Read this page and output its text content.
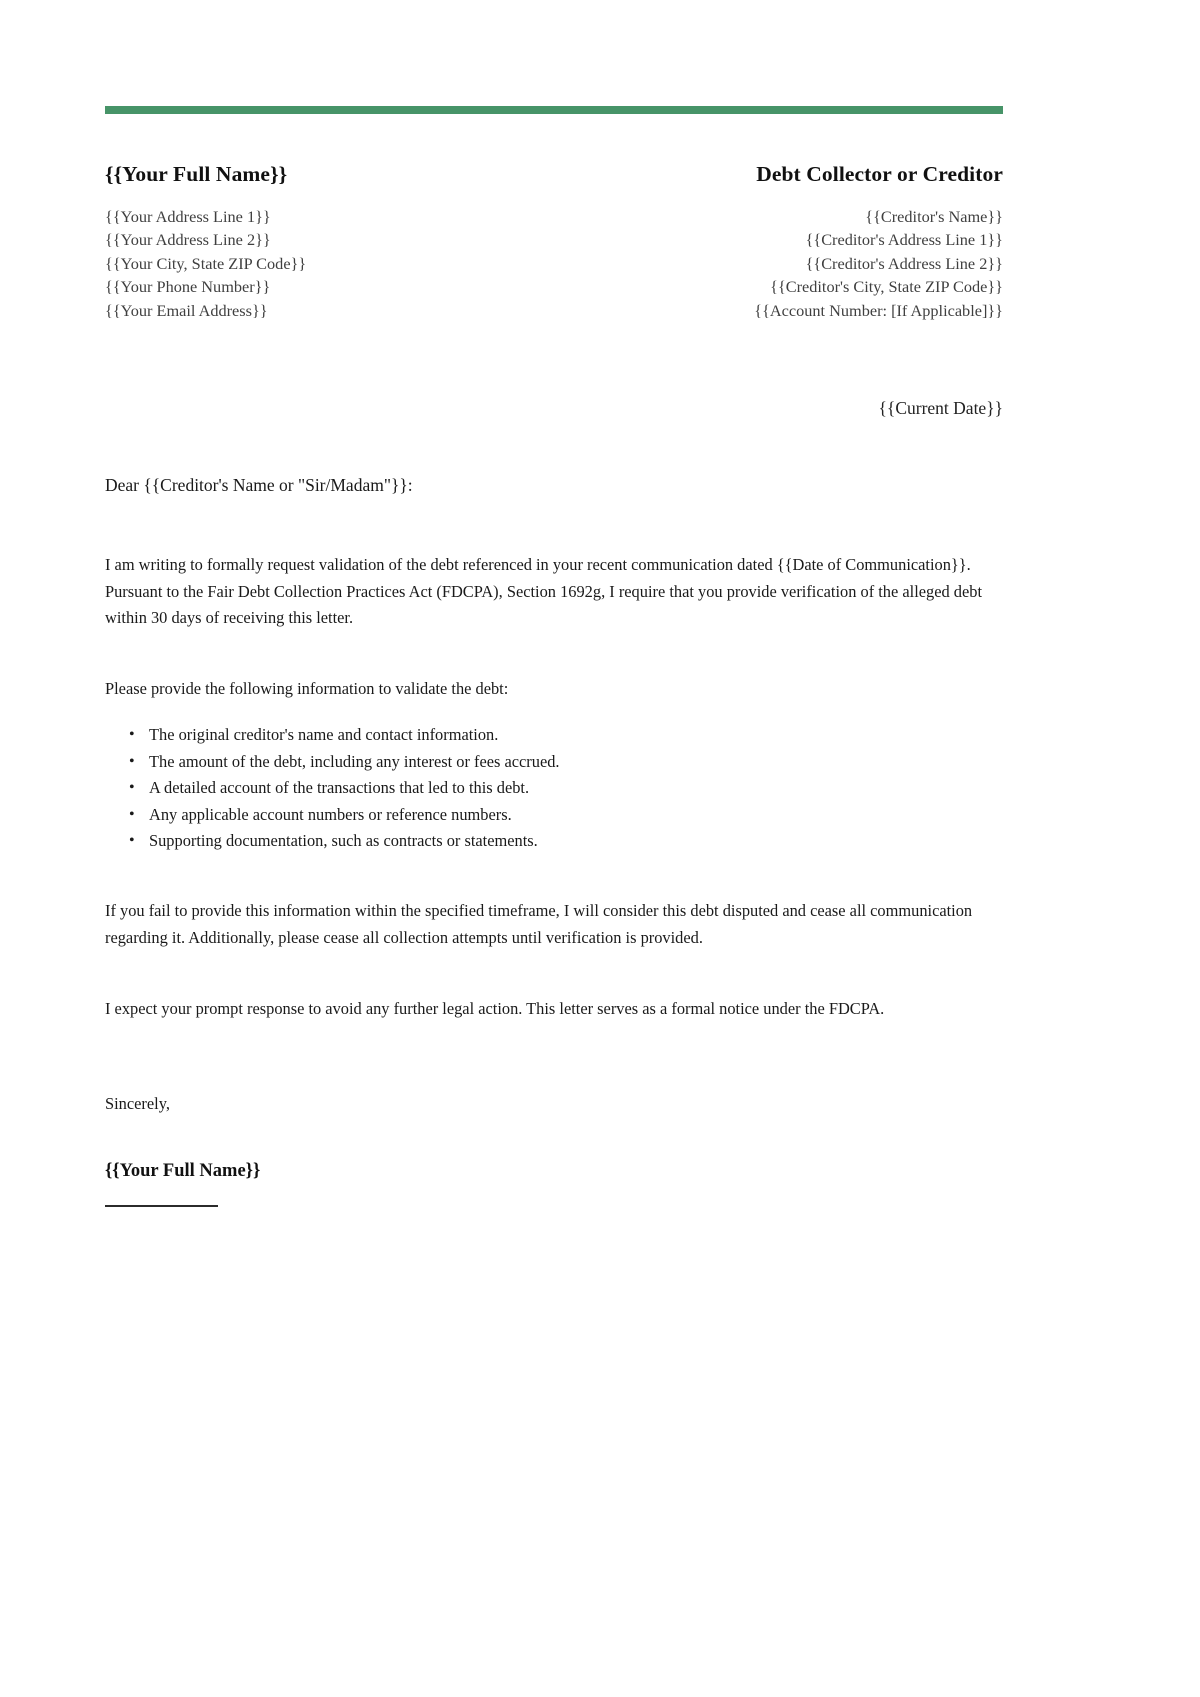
{{Your Full Name}}
{{Your Address Line 1}}
{{Your Address Line 2}}
{{Your City, State ZIP Code}}
{{Your Phone Number}}
{{Your Email Address}}
Debt Collector or Creditor
{{Creditor's Name}}
{{Creditor's Address Line 1}}
{{Creditor's Address Line 2}}
{{Creditor's City, State ZIP Code}}
{{Account Number: [If Applicable]}}
{{Current Date}}
Dear {{Creditor's Name or "Sir/Madam"}}:

I am writing to formally request validation of the debt referenced in your recent communication dated {{Date of Communication}}. Pursuant to the Fair Debt Collection Practices Act (FDCPA), Section 1692g, I require that you provide verification of the alleged debt within 30 days of receiving this letter.

Please provide the following information to validate the debt:

• The original creditor's name and contact information.
• The amount of the debt, including any interest or fees accrued.
• A detailed account of the transactions that led to this debt.
• Any applicable account numbers or reference numbers.
• Supporting documentation, such as contracts or statements.

If you fail to provide this information within the specified timeframe, I will consider this debt disputed and cease all communication regarding it. Additionally, please cease all collection attempts until verification is provided.

I expect your prompt response to avoid any further legal action. This letter serves as a formal notice under the FDCPA.

Sincerely,

{{Your Full Name}}
